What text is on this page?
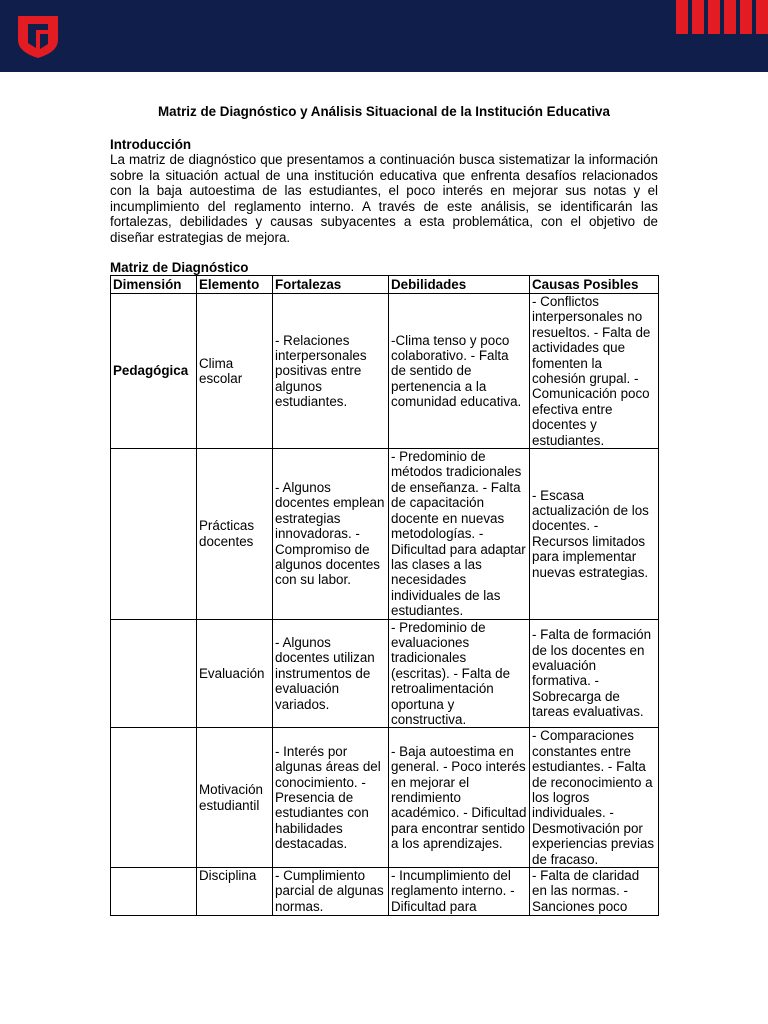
Matriz de Diagnóstico y Análisis Situacional de la Institución Educativa
Introducción
La matriz de diagnóstico que presentamos a continuación busca sistematizar la información sobre la situación actual de una institución educativa que enfrenta desafíos relacionados con la baja autoestima de las estudiantes, el poco interés en mejorar sus notas y el incumplimiento del reglamento interno. A través de este análisis, se identificarán las fortalezas, debilidades y causas subyacentes a esta problemática, con el objetivo de diseñar estrategias de mejora.
Matriz de Diagnóstico
Dimensión	Elemento	Fortalezas	Debilidades	Causas Posibles
Pedagógica	Clima escolar	- Relaciones interpersonales positivas entre algunos estudiantes.	-Clima tenso y poco colaborativo. - Falta de sentido de pertenencia a la comunidad educativa.	- Conflictos interpersonales no resueltos. - Falta de actividades que fomenten la cohesión grupal. - Comunicación poco efectiva entre docentes y estudiantes.
	Prácticas docentes	- Algunos docentes emplean estrategias innovadoras. - Compromiso de algunos docentes con su labor.	- Predominio de métodos tradicionales de enseñanza. - Falta de capacitación docente en nuevas metodologías. - Dificultad para adaptar las clases a las necesidades individuales de las estudiantes.	- Escasa actualización de los docentes. - Recursos limitados para implementar nuevas estrategias.
	Evaluación	- Algunos docentes utilizan instrumentos de evaluación variados.	- Predominio de evaluaciones tradicionales (escritas). - Falta de retroalimentación oportuna y constructiva.	- Falta de formación de los docentes en evaluación formativa. - Sobrecarga de tareas evaluativas.
	Motivación estudiantil	- Interés por algunas áreas del conocimiento. - Presencia de estudiantes con habilidades destacadas.	- Baja autoestima en general. - Poco interés en mejorar el rendimiento académico. - Dificultad para encontrar sentido a los aprendizajes.	- Comparaciones constantes entre estudiantes. - Falta de reconocimiento a los logros individuales. - Desmotivación por experiencias previas de fracaso.

	Disciplina	- Cumplimiento parcial de algunas normas.	- Incumplimiento del reglamento interno. - Dificultad para	- Falta de claridad en las normas. - Sanciones poco
